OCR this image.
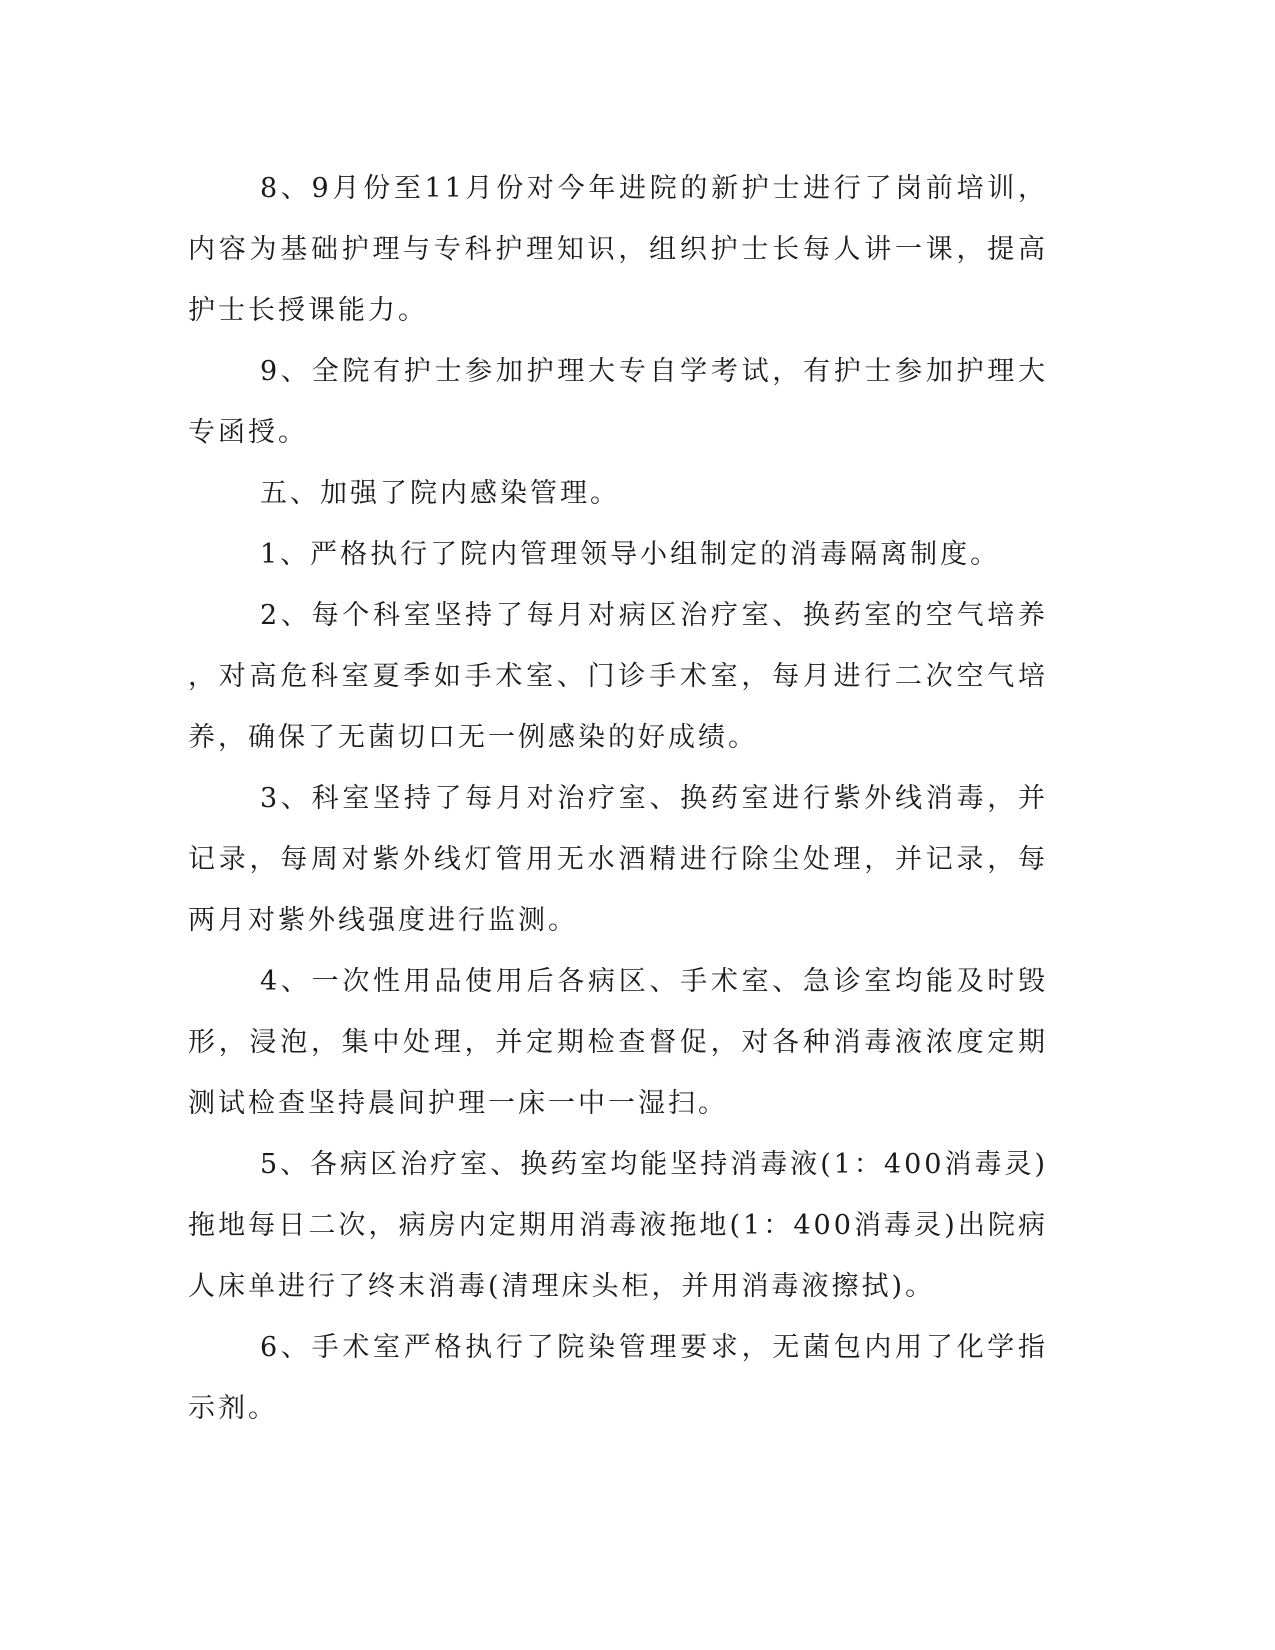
8、9月份至11月份对今年进院的新护士进行了岗前培训，内容为基础护理与专科护理知识，组织护士长每人讲一课，提高护士长授课能力。

9、全院有护士参加护理大专自学考试，有护士参加护理大专函授。

五、加强了院内感染管理。

1、严格执行了院内管理领导小组制定的消毒隔离制度。

2、每个科室坚持了每月对病区治疗室、换药室的空气培养，对高危科室夏季如手术室、门诊手术室，每月进行二次空气培养，确保了无菌切口无一例感染的好成绩。

3、科室坚持了每月对治疗室、换药室进行紫外线消毒，并记录，每周对紫外线灯管用无水酒精进行除尘处理，并记录，每两月对紫外线强度进行监测。

4、一次性用品使用后各病区、手术室、急诊室均能及时毁形，浸泡，集中处理，并定期检查督促，对各种消毒液浓度定期测试检查坚持晨间护理一床一中一湿扫。

5、各病区治疗室、换药室均能坚持消毒液(1：400消毒灵)拖地每日二次，病房内定期用消毒液拖地(1：400消毒灵)出院病人床单进行了终末消毒(清理床头柜，并用消毒液擦拭)。

6、手术室严格执行了院染管理要求，无菌包内用了化学指示剂。
